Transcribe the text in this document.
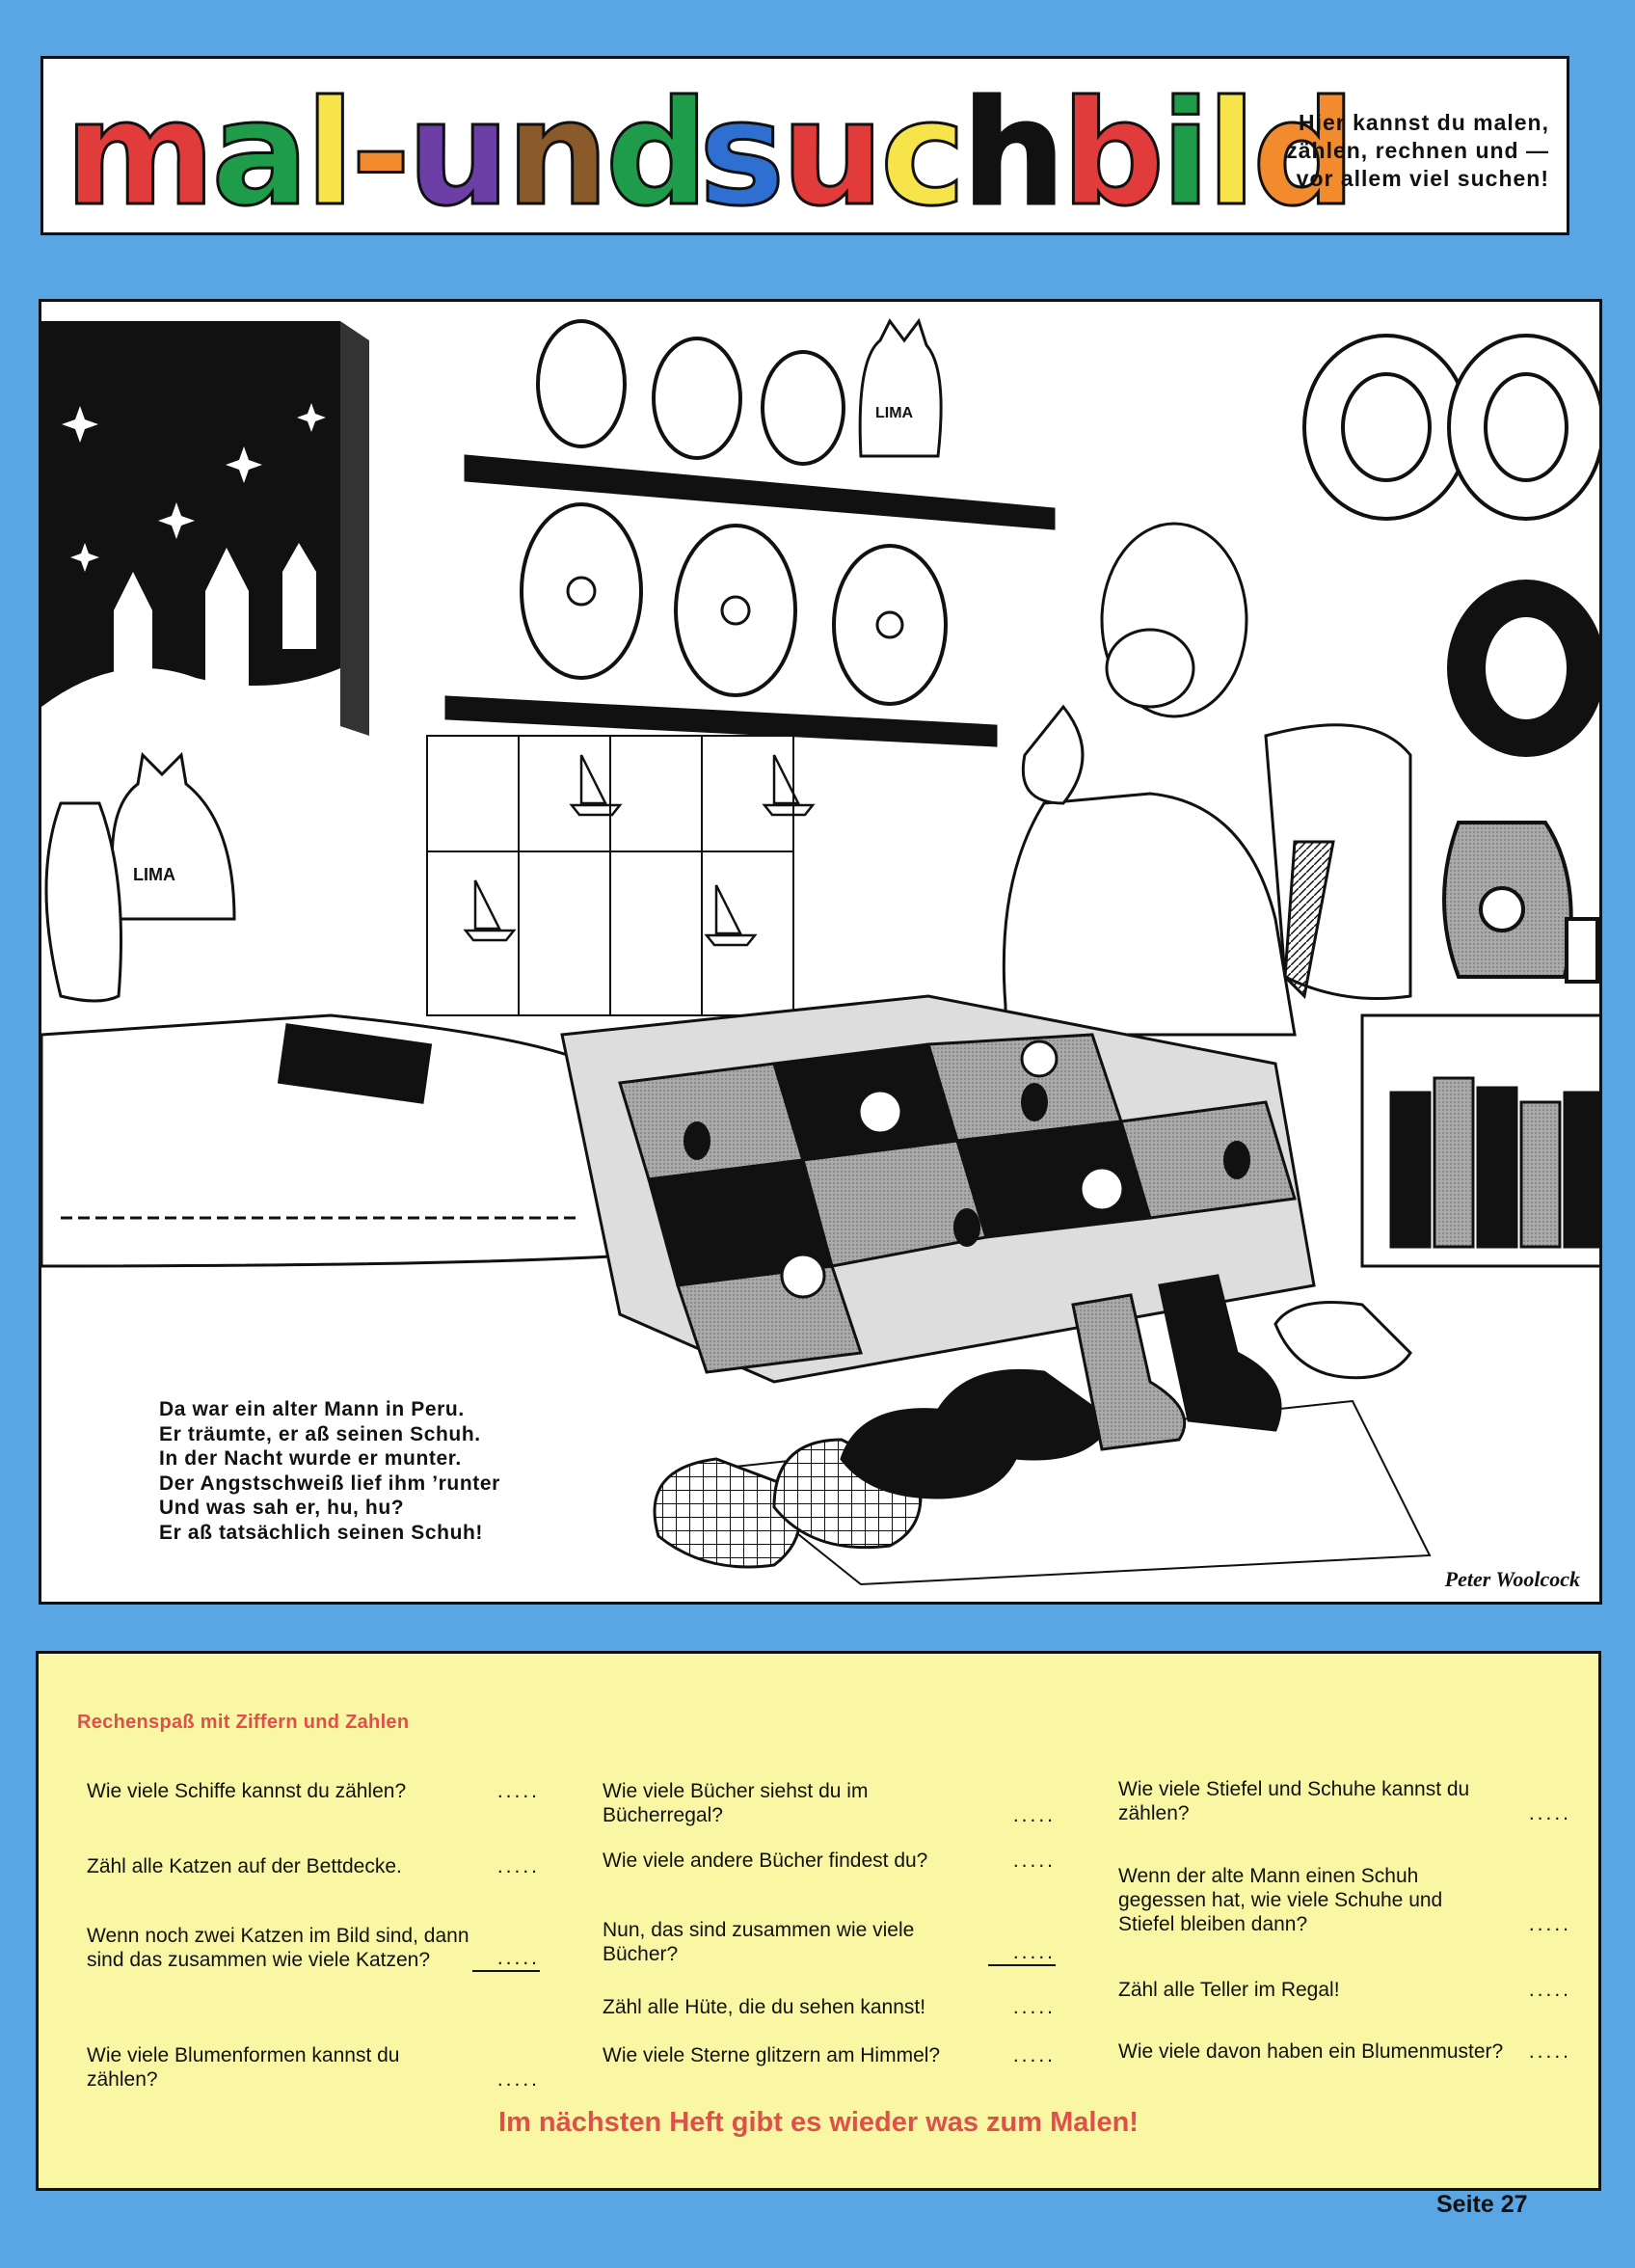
mal-und
suchbild
Hier kannst du malen,
zählen, rechnen und —
vor allem viel suchen!
LIMA
LIMA
Da war ein alter Mann in Peru.
Er träumte, er aß seinen Schuh.
In der Nacht wurde er munter.
Der Angstschweiß lief ihm ’runter
Und was sah er, hu, hu?
Er aß tatsächlich seinen Schuh!
Peter Woolcock
Rechenspaß mit Ziffern und Zahlen
Wie viele Schiffe kannst du zählen?	.....
Zähl alle Katzen auf der Bettdecke.	.....
Wenn noch zwei Katzen im Bild sind, dann sind das zusammen wie viele Katzen?	.....
Wie viele Blumenformen kannst du zählen?	.....
Wie viele Bücher siehst du im Bücherregal?	.....
Wie viele andere Bücher findest du?	.....
Nun, das sind zusammen wie viele Bücher?	.....
Zähl alle Hüte, die du sehen kannst!	.....
Wie viele Sterne glitzern am Himmel?	.....
Wie viele Stiefel und Schuhe kannst du zählen?	.....
Wenn der alte Mann einen Schuh gegessen hat, wie viele Schuhe und Stiefel bleiben dann?	.....
Zähl alle Teller im Regal!	.....
Wie viele davon haben ein Blumenmuster?	.....
Im nächsten Heft gibt es wieder was zum Malen!
Seite 27
